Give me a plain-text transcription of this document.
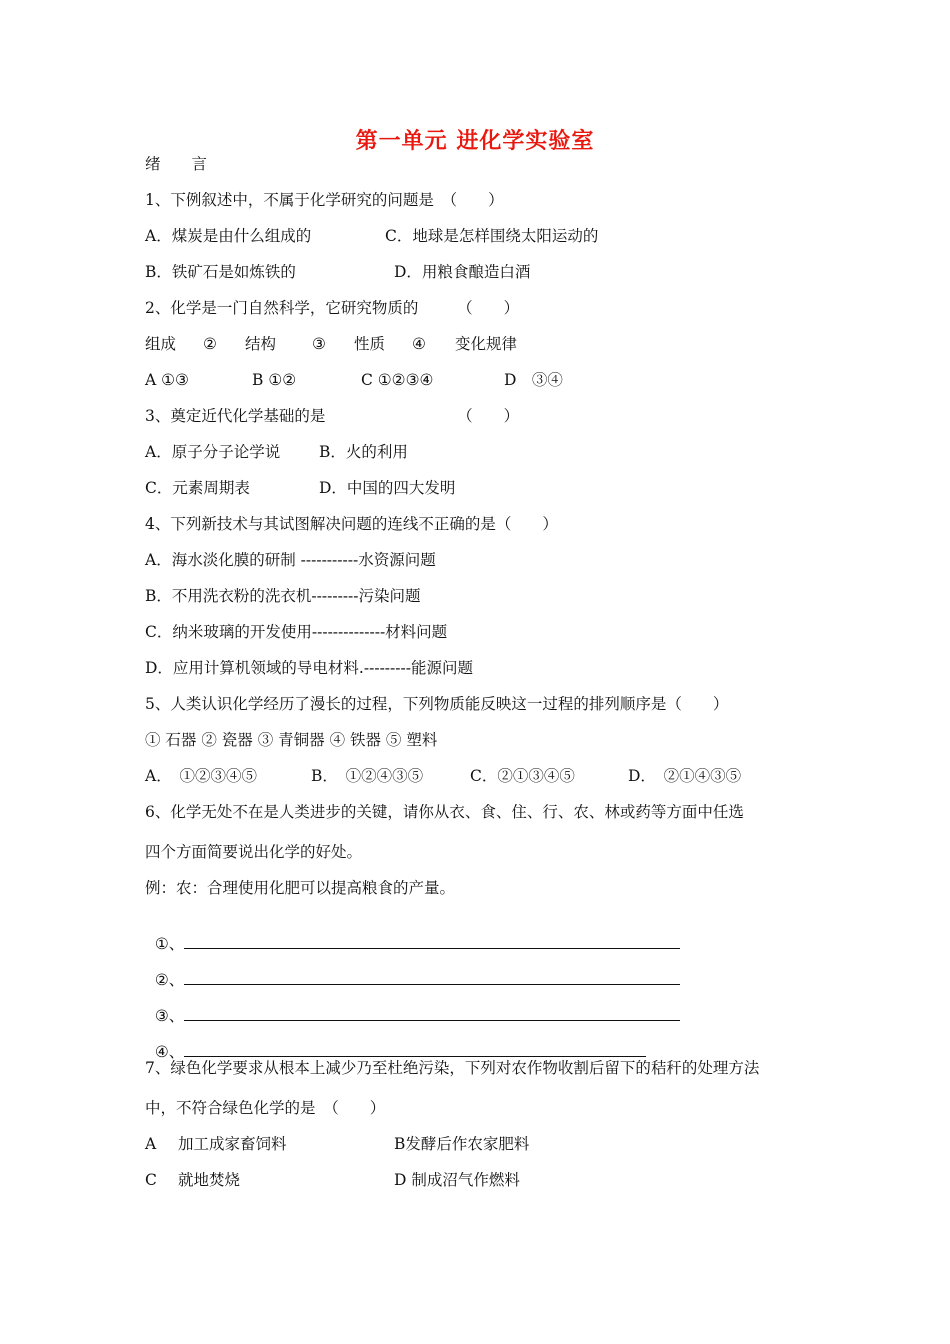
第一单元 进化学实验室
绪　　言
1、下例叙述中，不属于化学研究的问题是　（　　）
A．煤炭是由什么组成的	C．地球是怎样围绕太阳运动的
B．铁矿石是如炼铁的	D．用粮食酿造白酒
2、化学是一门自然科学，它研究物质的　　　（　　）
组成 ② 结构 ③ 性质 ④ 变化规律
A ①③	B ①②	C ①②③④	D　③④
3、奠定近代化学基础的是　　　　　　　　　（　　）
A．原子分子论学说	B．火的利用
C．元素周期表	D．中国的四大发明
4、下列新技术与其试图解决问题的连线不正确的是（　　）
A．海水淡化膜的研制 -----------水资源问题
B．不用洗衣粉的洗衣机---------污染问题
C．纳米玻璃的开发使用--------------材料问题
D．应用计算机领域的导电材料.---------能源问题
5、人类认识化学经历了漫长的过程，下列物质能反映这一过程的排列顺序是（　　）
① 石器 ② 瓷器 ③ 青铜器 ④ 铁器 ⑤ 塑料
A．　①②③④⑤	B．　①②④③⑤	C．②①③④⑤	D．　②①④③⑤
6、化学无处不在是人类进步的关键，请你从衣、食、住、行、农、林或药等方面中任选
四个方面简要说出化学的好处。
例：农：合理使用化肥可以提高粮食的产量。

①、

②、

③、

④、

7、绿色化学要求从根本上减少乃至杜绝污染，下列对农作物收割后留下的秸秆的处理方法
中，不符合绿色化学的是　（　　）
A 加工成家畜饲料	B发酵后作农家肥料
C 就地焚烧	D 制成沼气作燃料
